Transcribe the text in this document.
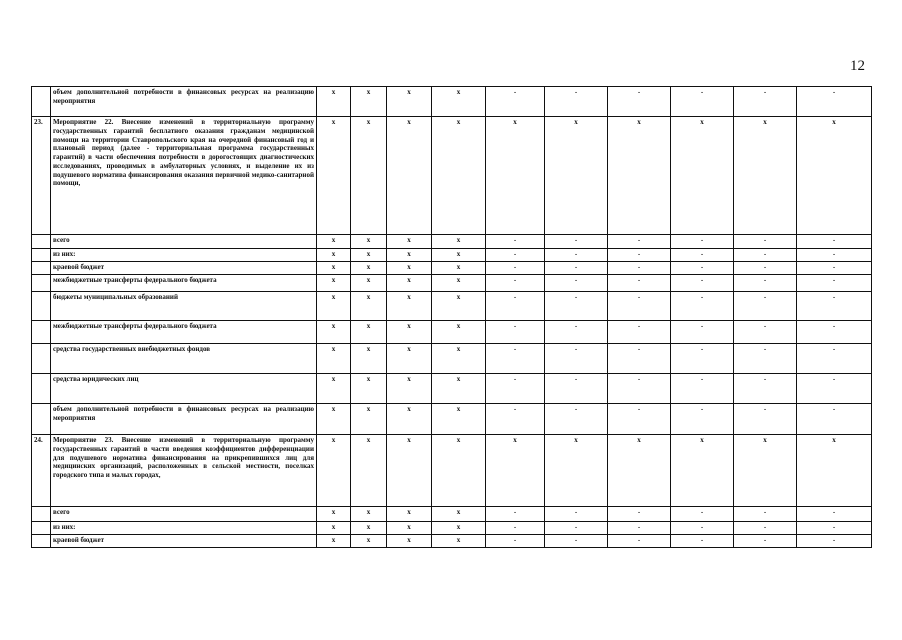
12
	объем дополнительной потребности в финансовых ресурсах на реализацию мероприятия	x	x	x	x	-	-	-	-	-	-
23.	Мероприятие 22. Внесение изменений в территориальную программу государственных гарантий бесплатного оказания гражданам медицинской помощи на территории Ставропольского края на очередной финансовый год и плановый период (далее - территориальная программа государственных гарантий) в части обеспечения потребности в дорогостоящих диагностических исследованиях, проводимых в амбулаторных условиях, и выделение их из подушевого норматива финансирования оказания первичной медико-санитарной помощи,	x	x	x	x	x	x	x	x	x	x
	всего	x	x	x	x	-	-	-	-	-	-
	из них:	x	x	x	x	-	-	-	-	-	-
	краевой бюджет	x	x	x	x	-	-	-	-	-	-
	межбюджетные трансферты федерального бюджета	x	x	x	x	-	-	-	-	-	-
	бюджеты муниципальных образований	x	x	x	x	-	-	-	-	-	-
	межбюджетные трансферты федерального бюджета	x	x	x	x	-	-	-	-	-	-
	средства государственных внебюджетных фондов	x	x	x	x	-	-	-	-	-	-
	средства юридических лиц	x	x	x	x	-	-	-	-	-	-
	объем дополнительной потребности в финансовых ресурсах на реализацию мероприятия	x	x	x	x	-	-	-	-	-	-
24.	Мероприятие 23. Внесение изменений в территориальную программу государственных гарантий в части введения коэффициентов дифференциации для подушевого норматива финансирования на прикрепившихся лиц для медицинских организаций, расположенных в сельской местности, поселках городского типа и малых городах,	x	x	x	x	x	x	x	x	x	x
	всего	x	x	x	x	-	-	-	-	-	-
	из них:	x	x	x	x	-	-	-	-	-	-
	краевой бюджет	x	x	x	x	-	-	-	-	-	-
